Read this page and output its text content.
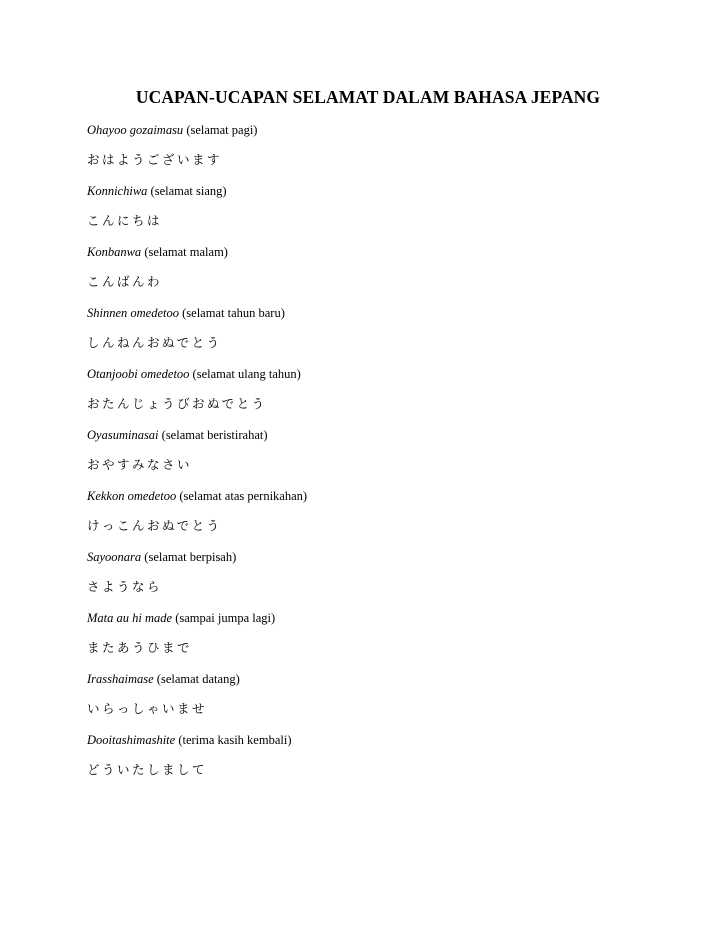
UCAPAN-UCAPAN SELAMAT DALAM BAHASA JEPANG
Ohayoo gozaimasu (selamat pagi)
おはようございます
Konnichiwa (selamat siang)
こんにちは
Konbanwa (selamat malam)
こんばんわ
Shinnen omedetoo (selamat tahun baru)
しんねんおぬでとう
Otanjoobi omedetoo (selamat ulang tahun)
おたんじょうびおぬでとう
Oyasuminasai (selamat beristirahat)
おやすみなさい
Kekkon omedetoo (selamat atas pernikahan)
けっこんおぬでとう
Sayoonara (selamat berpisah)
さようなら
Mata au hi made (sampai jumpa lagi)
またあうひまで
Irasshaimase (selamat datang)
いらっしゃいませ
Dooitashimashite (terima kasih kembali)
どういたしまして
